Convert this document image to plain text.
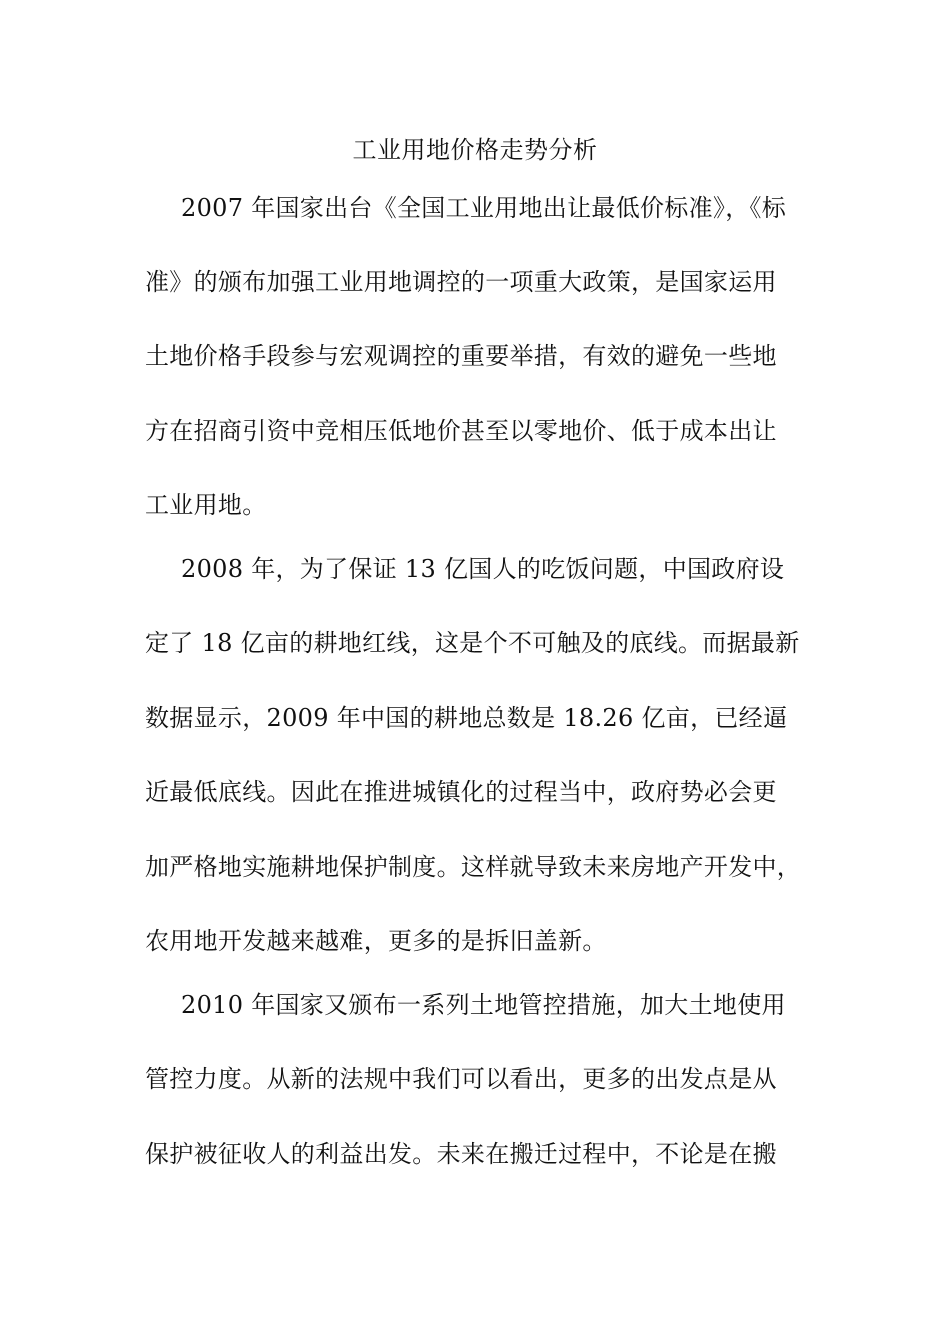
工业用地价格走势分析
2007 年国家出台《全国工业用地出让最低价标准》，《标
准》的颁布加强工业用地调控的一项重大政策，是国家运用
土地价格手段参与宏观调控的重要举措，有效的避免一些地
方在招商引资中竞相压低地价甚至以零地价、低于成本出让
工业用地。
2008 年，为了保证 13 亿国人的吃饭问题，中国政府设
定了 18 亿亩的耕地红线，这是个不可触及的底线。而据最新
数据显示，2009 年中国的耕地总数是 18.26 亿亩，已经逼
近最低底线。因此在推进城镇化的过程当中，政府势必会更
加严格地实施耕地保护制度。这样就导致未来房地产开发中，
农用地开发越来越难，更多的是拆旧盖新。
2010 年国家又颁布一系列土地管控措施，加大土地使用
管控力度。从新的法规中我们可以看出，更多的出发点是从
保护被征收人的利益出发。未来在搬迁过程中，不论是在搬
